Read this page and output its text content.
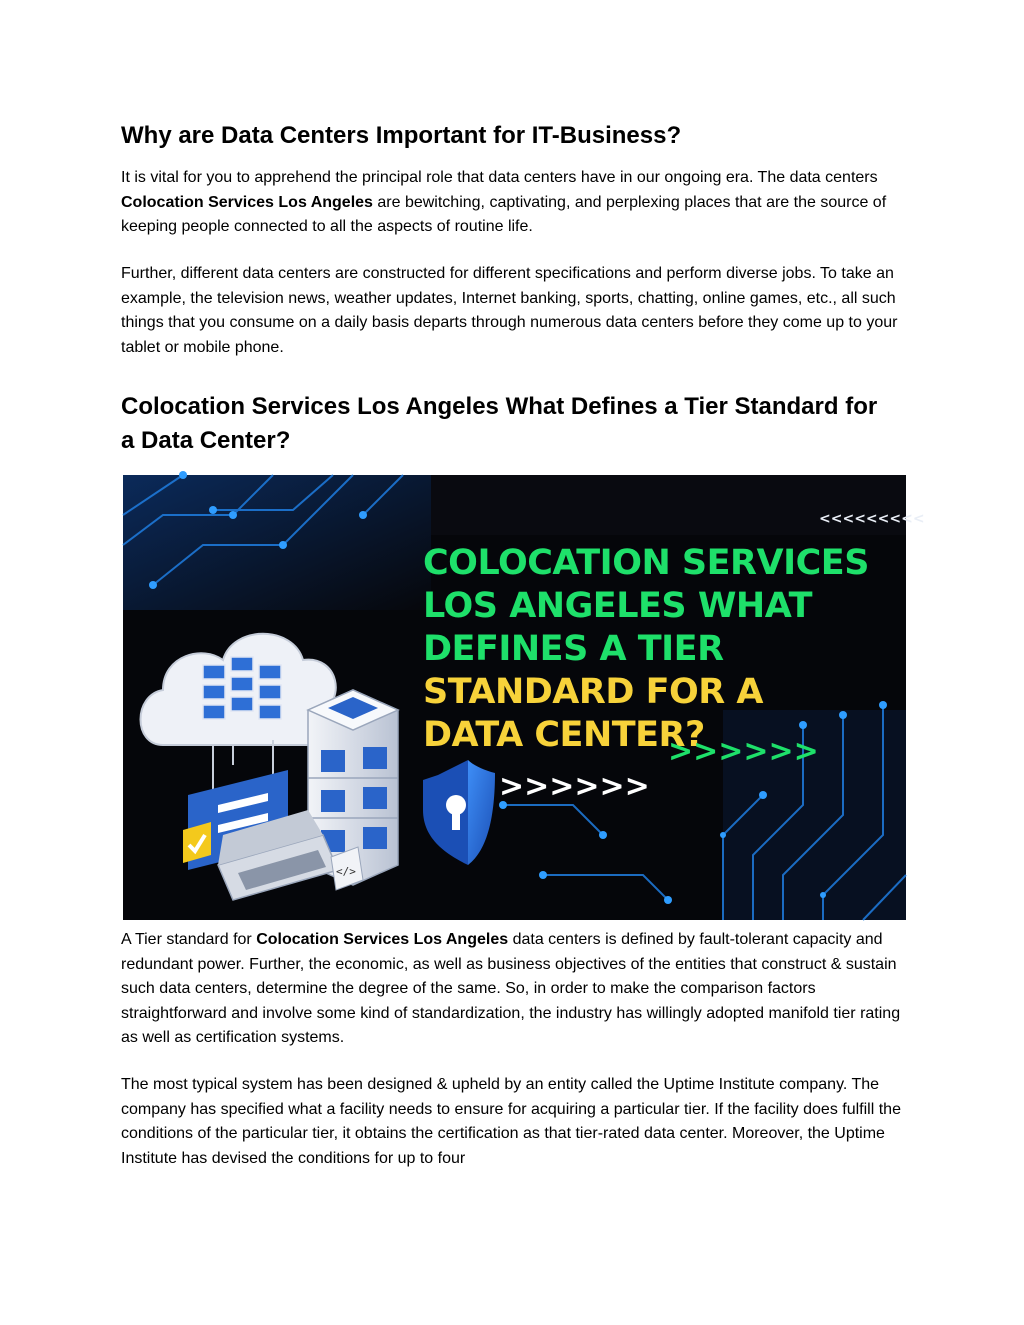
Why are Data Centers Important for IT-Business?

It is vital for you to apprehend the principal role that data centers have in our ongoing era. The data centers Colocation Services Los Angeles are bewitching, captivating, and perplexing places that are the source of keeping people connected to all the aspects of routine life.

Further, different data centers are constructed for different specifications and perform diverse jobs. To take an example, the television news, weather updates, Internet banking, sports, chatting, online games, etc., all such things that you consume on a daily basis departs through numerous data centers before they come up to your tablet or mobile phone.

Colocation Services Los Angeles What Defines a Tier Standard for a Data Center?
<<<<<<<<<
COLOCATION SERVICES
LOS ANGELES WHAT
DEFINES A TIER
STANDARD FOR A
DATA CENTER?
>>>>>>
>>>>>>
</>

A Tier standard for Colocation Services Los Angeles data centers is defined by fault-tolerant capacity and redundant power. Further, the economic, as well as business objectives of the entities that construct & sustain such data centers, determine the degree of the same. So, in order to make the comparison factors straightforward and involve some kind of standardization, the industry has willingly adopted manifold tier rating as well as certification systems.

The most typical system has been designed & upheld by an entity called the Uptime Institute company. The company has specified what a facility needs to ensure for acquiring a particular tier. If the facility does fulfill the conditions of the particular tier, it obtains the certification as that tier-rated data center. Moreover, the Uptime Institute has devised the conditions for up to four
